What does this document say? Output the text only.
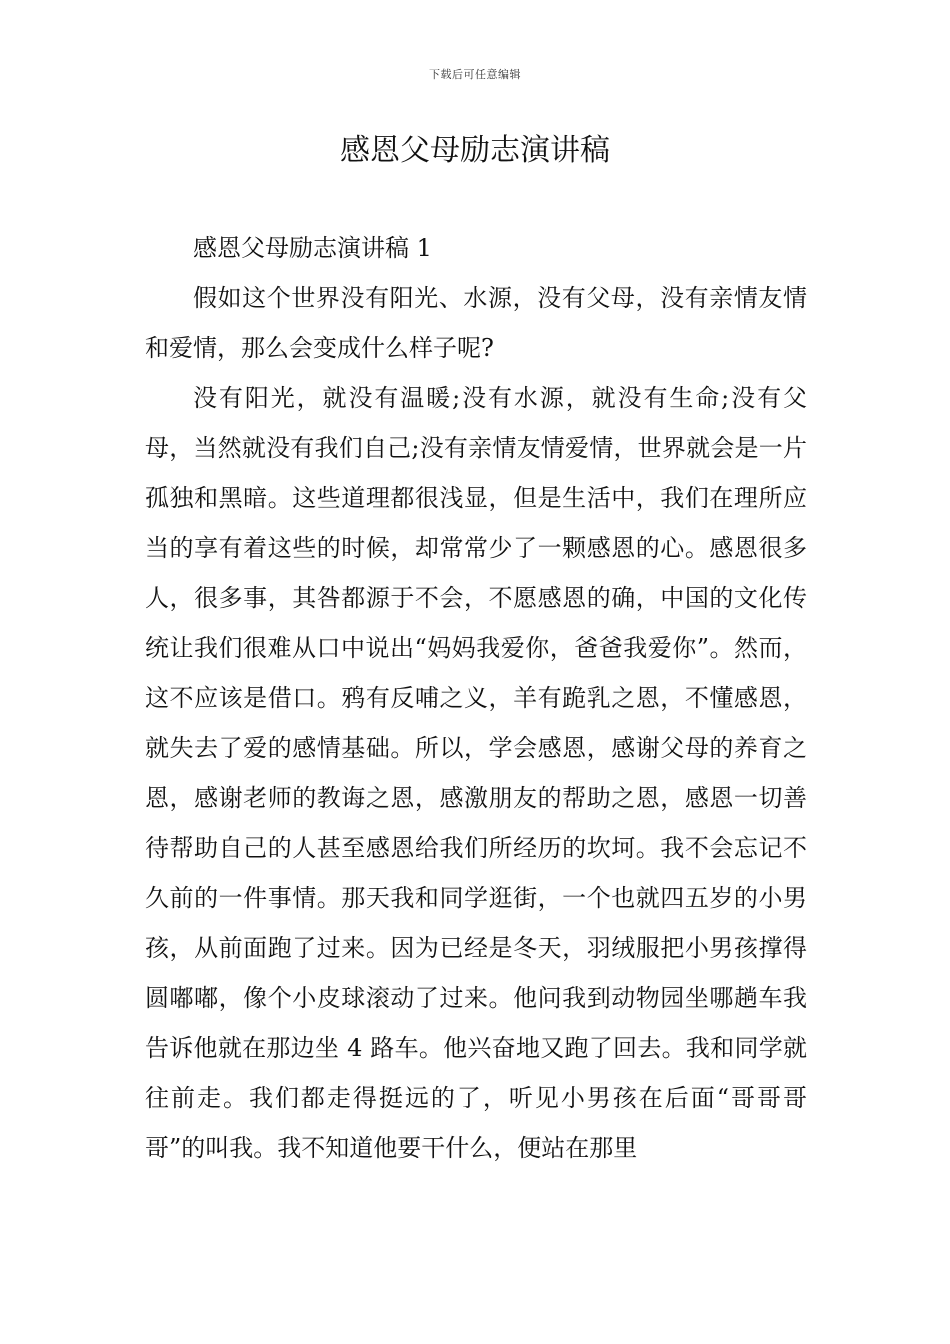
下载后可任意编辑
感恩父母励志演讲稿

感恩父母励志演讲稿 1

假如这个世界没有阳光、水源，没有父母，没有亲情友情和爱情，那么会变成什么样子呢?

没有阳光，就没有温暖;没有水源，就没有生命;没有父母，当然就没有我们自己;没有亲情友情爱情，世界就会是一片孤独和黑暗。这些道理都很浅显，但是生活中，我们在理所应当的享有着这些的时候，却常常少了一颗感恩的心。感恩很多人，很多事，其咎都源于不会，不愿感恩的确，中国的文化传统让我们很难从口中说出“妈妈我爱你，爸爸我爱你”。然而，这不应该是借口。鸦有反哺之义，羊有跪乳之恩，不懂感恩，就失去了爱的感情基础。所以，学会感恩，感谢父母的养育之恩，感谢老师的教诲之恩，感激朋友的帮助之恩，感恩一切善待帮助自己的人甚至感恩给我们所经历的坎坷。我不会忘记不久前的一件事情。那天我和同学逛街，一个也就四五岁的小男孩，从前面跑了过来。因为已经是冬天，羽绒服把小男孩撑得圆嘟嘟，像个小皮球滚动了过来。他问我到动物园坐哪趟车我告诉他就在那边坐 4 路车。他兴奋地又跑了回去。我和同学就往前走。我们都走得挺远的了，听见小男孩在后面“哥哥哥哥”的叫我。我不知道他要干什么，便站在那里
